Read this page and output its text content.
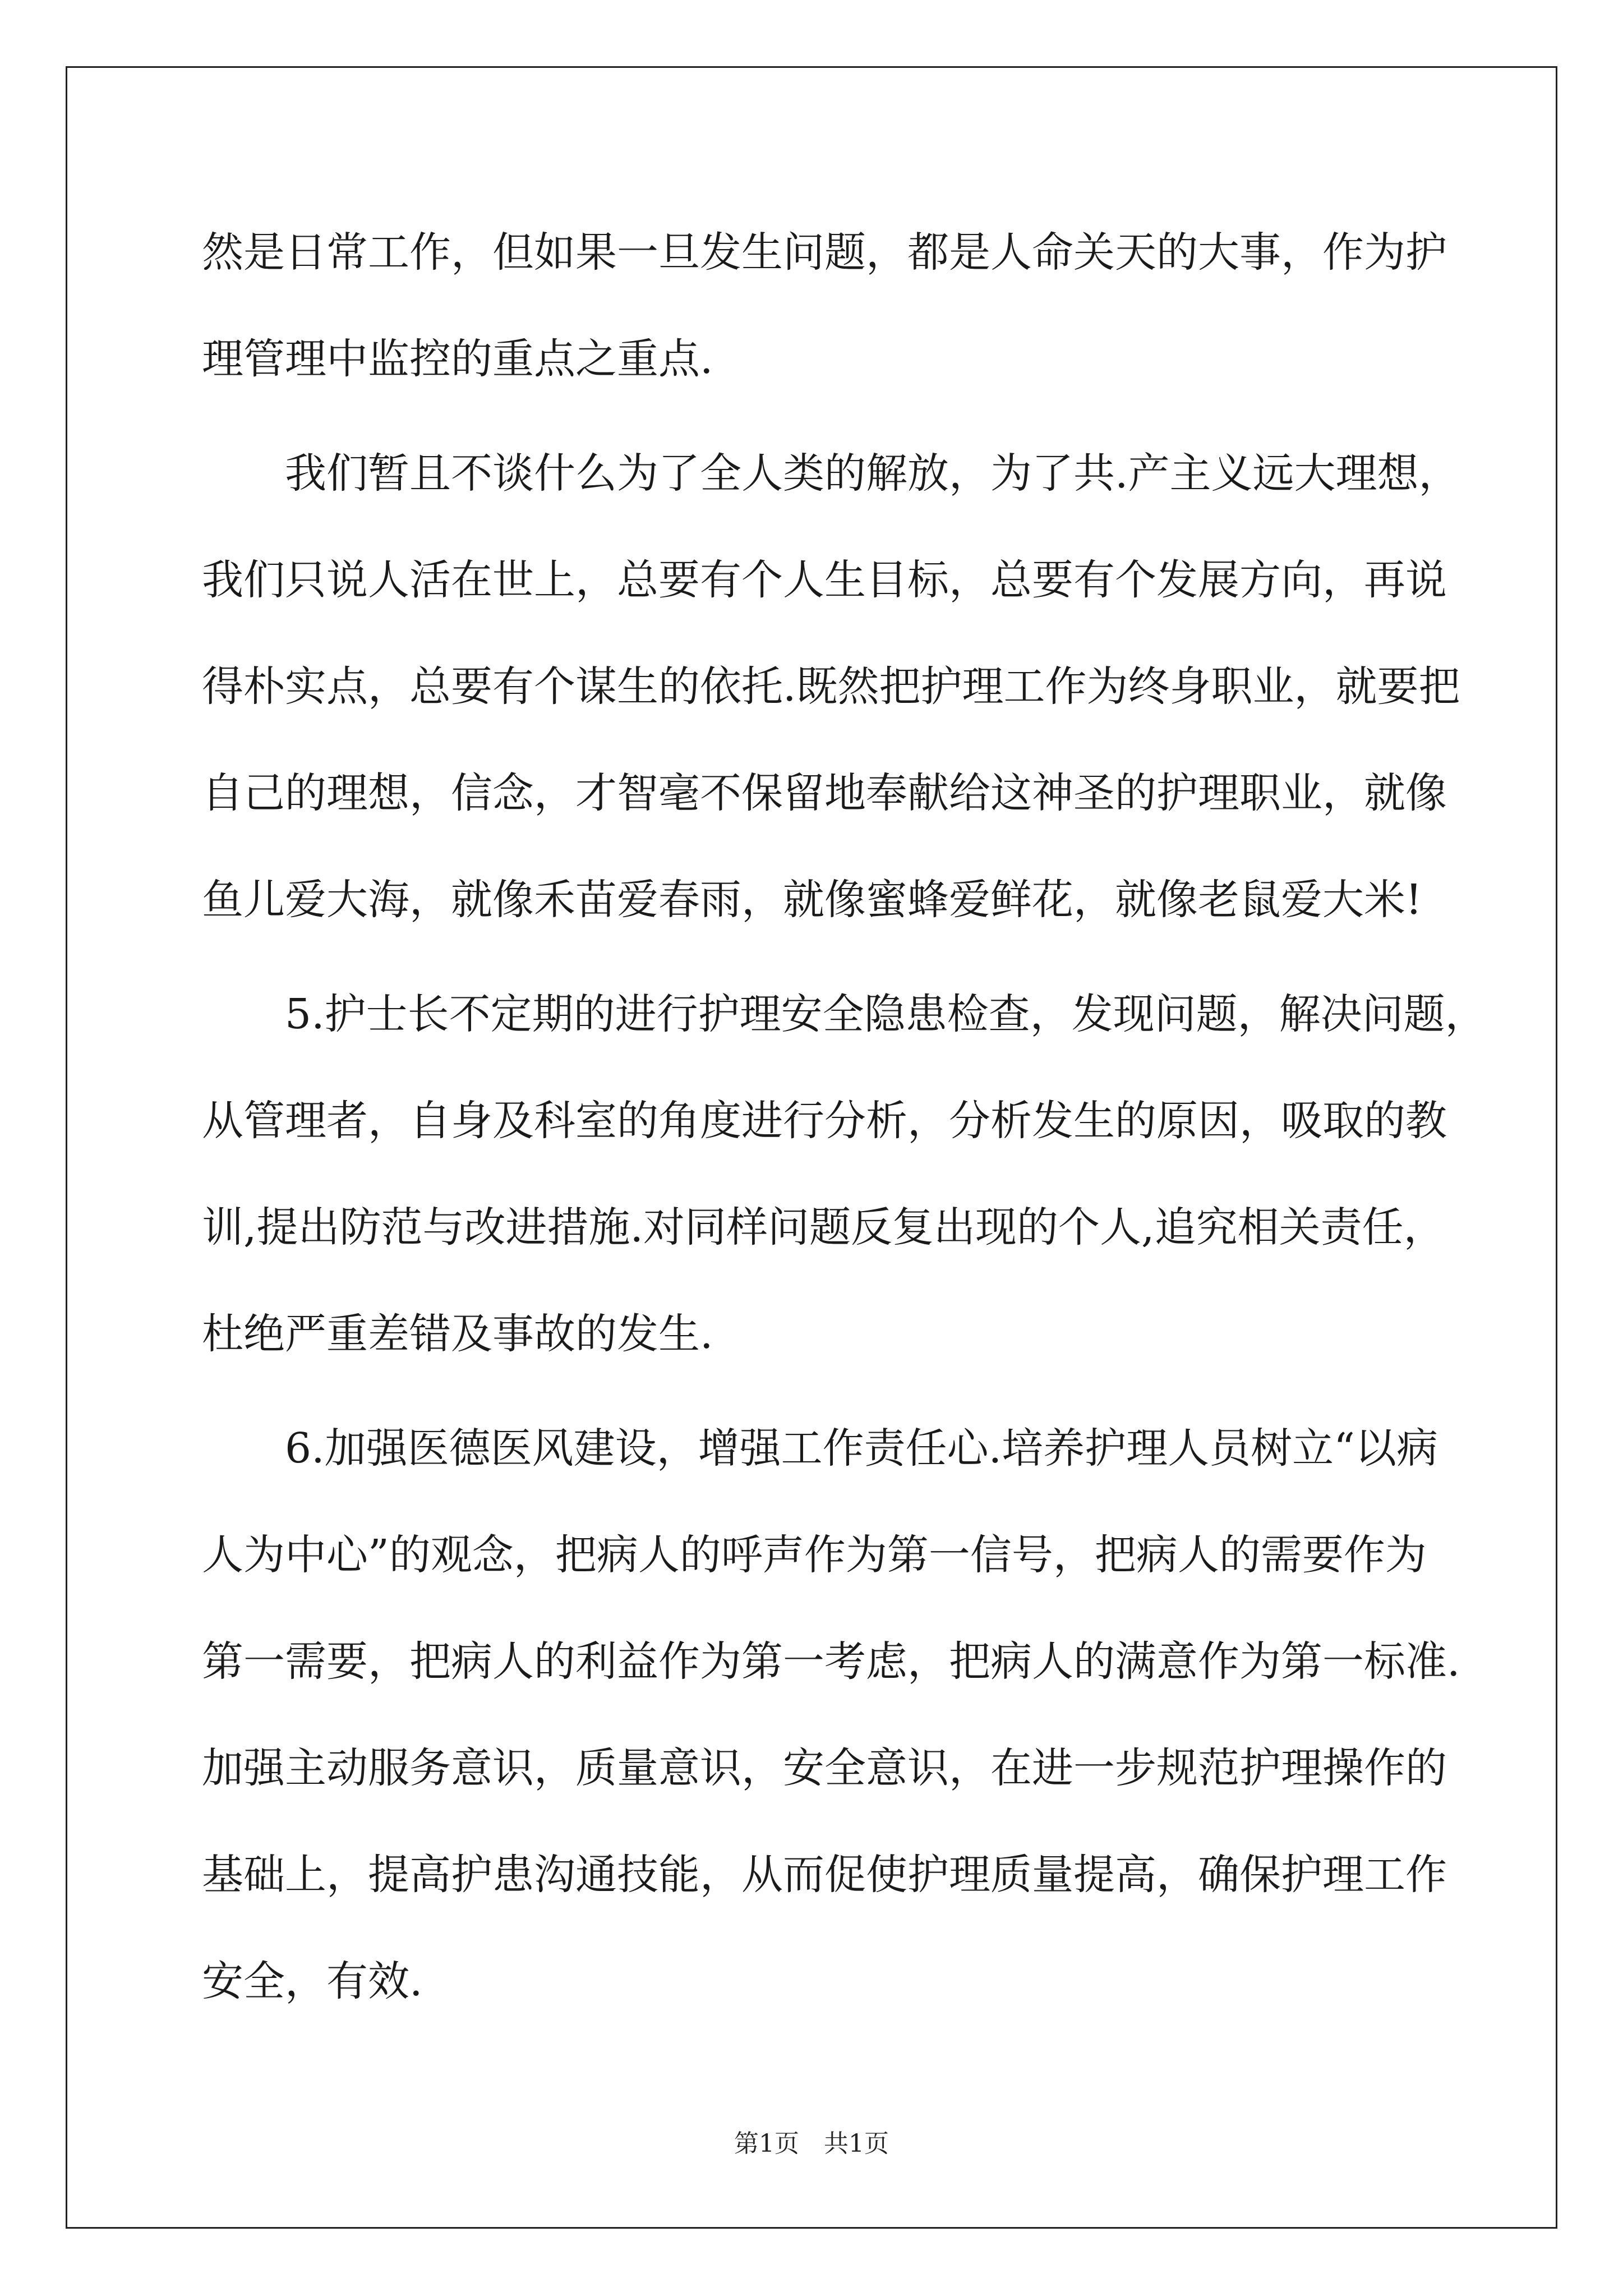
然是日常工作，但如果一旦发生问题，都是人命关天的大事，作为护
理管理中监控的重点之重点.
　　我们暂且不谈什么为了全人类的解放，为了共.产主义远大理想，
我们只说人活在世上，总要有个人生目标，总要有个发展方向，再说
得朴实点，总要有个谋生的依托.既然把护理工作为终身职业，就要把
自己的理想，信念，才智毫不保留地奉献给这神圣的护理职业，就像
鱼儿爱大海，就像禾苗爱春雨，就像蜜蜂爱鲜花，就像老鼠爱大米!
　　5.护士长不定期的进行护理安全隐患检查，发现问题，解决问题，
从管理者，自身及科室的角度进行分析，分析发生的原因，吸取的教
训,提出防范与改进措施.对同样问题反复出现的个人,追究相关责任，
杜绝严重差错及事故的发生.
　　6.加强医德医风建设，增强工作责任心.培养护理人员树立“以病
人为中心”的观念，把病人的呼声作为第一信号，把病人的需要作为
第一需要，把病人的利益作为第一考虑，把病人的满意作为第一标准.
加强主动服务意识，质量意识，安全意识，在进一步规范护理操作的
基础上，提高护患沟通技能，从而促使护理质量提高，确保护理工作
安全，有效.
第1页　共1页
